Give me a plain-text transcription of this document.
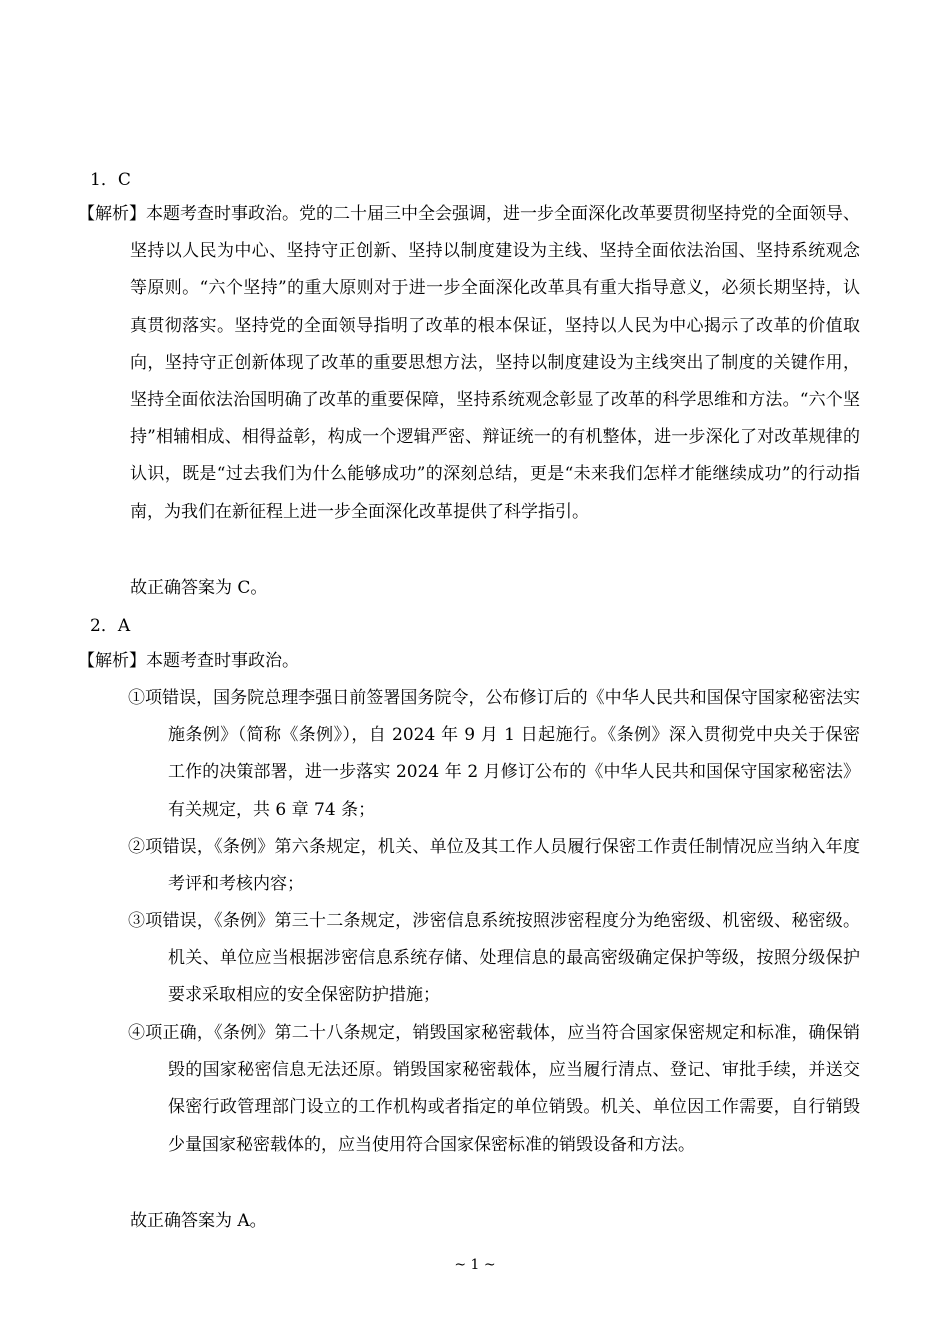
1．C
【解析】本题考查时事政治。党的二十届三中全会强调，进一步全面深化改革要贯彻坚持党的全面领导、坚持以人民为中心、坚持守正创新、坚持以制度建设为主线、坚持全面依法治国、坚持系统观念等原则。“六个坚持”的重大原则对于进一步全面深化改革具有重大指导意义，必须长期坚持，认真贯彻落实。坚持党的全面领导指明了改革的根本保证，坚持以人民为中心揭示了改革的价值取向，坚持守正创新体现了改革的重要思想方法，坚持以制度建设为主线突出了制度的关键作用，坚持全面依法治国明确了改革的重要保障，坚持系统观念彰显了改革的科学思维和方法。“六个坚持”相辅相成、相得益彰，构成一个逻辑严密、辩证统一的有机整体，进一步深化了对改革规律的认识，既是“过去我们为什么能够成功”的深刻总结，更是“未来我们怎样才能继续成功”的行动指南，为我们在新征程上进一步全面深化改革提供了科学指引。
故正确答案为 C。
2．A
【解析】本题考查时事政治。
①项错误，国务院总理李强日前签署国务院令，公布修订后的《中华人民共和国保守国家秘密法实施条例》（简称《条例》），自 2024 年 9 月 1 日起施行。《条例》深入贯彻党中央关于保密工作的决策部署，进一步落实 2024 年 2 月修订公布的《中华人民共和国保守国家秘密法》有关规定，共 6 章 74 条；
②项错误，《条例》第六条规定，机关、单位及其工作人员履行保密工作责任制情况应当纳入年度考评和考核内容；
③项错误，《条例》第三十二条规定，涉密信息系统按照涉密程度分为绝密级、机密级、秘密级。机关、单位应当根据涉密信息系统存储、处理信息的最高密级确定保护等级，按照分级保护要求采取相应的安全保密防护措施；
④项正确，《条例》第二十八条规定，销毁国家秘密载体，应当符合国家保密规定和标准，确保销毁的国家秘密信息无法还原。销毁国家秘密载体，应当履行清点、登记、审批手续，并送交保密行政管理部门设立的工作机构或者指定的单位销毁。机关、单位因工作需要，自行销毁少量国家秘密载体的，应当使用符合国家保密标准的销毁设备和方法。
故正确答案为 A。
~ 1 ~
